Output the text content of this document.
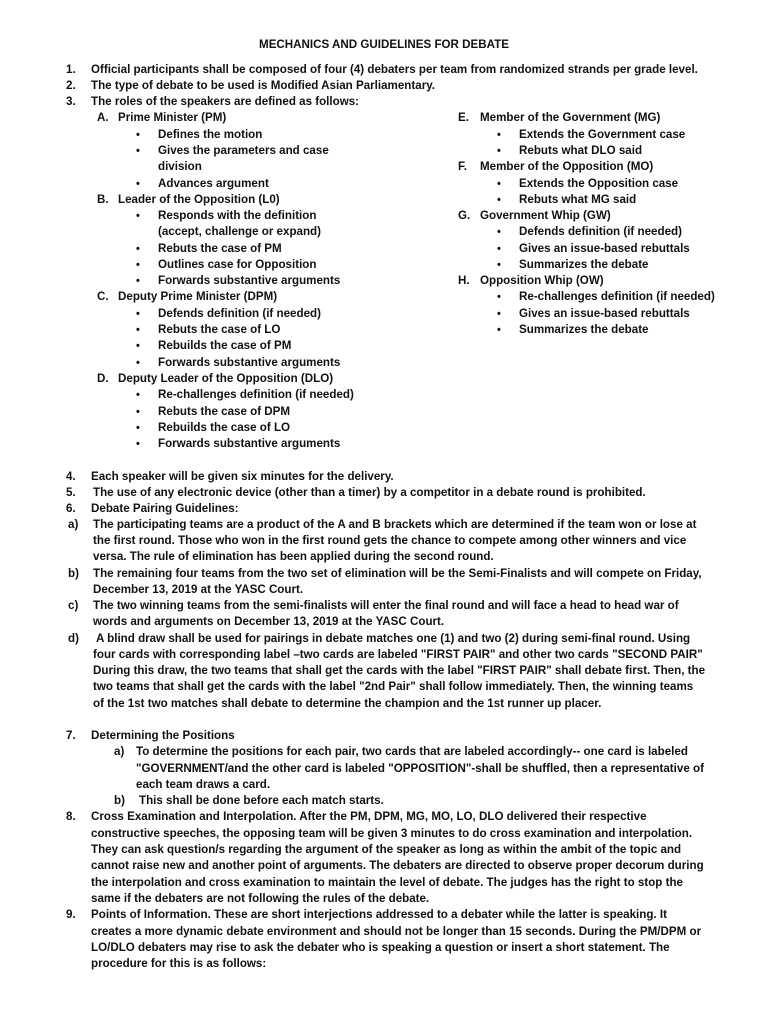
MECHANICS AND GUIDELINES FOR DEBATE
1. Official participants shall be composed of four (4) debaters per team from randomized strands per grade level.
2. The type of debate to be used is Modified Asian Parliamentary.
3. The roles of the speakers are defined as follows:
A. Prime Minister (PM)
• Defines the motion
• Gives the parameters and case
division
• Advances argument
B. Leader of the Opposition (L0)
• Responds with the definition
(accept, challenge or expand)
• Rebuts the case of PM
• Outlines case for Opposition
• Forwards substantive arguments
C. Deputy Prime Minister (DPM)
• Defends definition (if needed)
• Rebuts the case of LO
• Rebuilds the case of PM
• Forwards substantive arguments
D. Deputy Leader of the Opposition (DLO)
• Re-challenges definition (if needed)
• Rebuts the case of DPM
• Rebuilds the case of LO
• Forwards substantive arguments
E. Member of the Government (MG)
• Extends the Government case
• Rebuts what DLO said
F. Member of the Opposition (MO)
• Extends the Opposition case
• Rebuts what MG said
G. Government Whip (GW)
• Defends definition (if needed)
• Gives an issue-based rebuttals
• Summarizes the debate
H. Opposition Whip (OW)
• Re-challenges definition (if needed)
• Gives an issue-based rebuttals
• Summarizes the debate
4. Each speaker will be given six minutes for the delivery.
5. The use of any electronic device (other than a timer) by a competitor in a debate round is prohibited.
6. Debate Pairing Guidelines:
a) The participating teams are a product of the A and B brackets which are determined if the team won or lose at
the first round. Those who won in the first round gets the chance to compete among other winners and vice
versa. The rule of elimination has been applied during the second round.
b) The remaining four teams from the two set of elimination will be the Semi-Finalists and will compete on Friday,
December 13, 2019 at the YASC Court.
c) The two winning teams from the semi-finalists will enter the final round and will face a head to head war of
words and arguments on December 13, 2019 at the YASC Court.
d) A blind draw shall be used for pairings in debate matches one (1) and two (2) during semi-final round. Using
four cards with corresponding label –two cards are labeled "FIRST PAIR" and other two cards "SECOND PAIR"
During this draw, the two teams that shall get the cards with the label "FIRST PAIR" shall debate first. Then, the
two teams that shall get the cards with the label "2nd Pair" shall follow immediately. Then, the winning teams
of the 1st two matches shall debate to determine the champion and the 1st runner up placer.
7. Determining the Positions
a) To determine the positions for each pair, two cards that are labeled accordingly-- one card is labeled
"GOVERNMENT/and the other card is labeled "OPPOSITION"-shall be shuffled, then a representative of
each team draws a card.
b) This shall be done before each match starts.
8. Cross Examination and Interpolation. After the PM, DPM, MG, MO, LO, DLO delivered their respective
constructive speeches, the opposing team will be given 3 minutes to do cross examination and interpolation.
They can ask question/s regarding the argument of the speaker as long as within the ambit of the topic and
cannot raise new and another point of arguments. The debaters are directed to observe proper decorum during
the interpolation and cross examination to maintain the level of debate. The judges has the right to stop the
same if the debaters are not following the rules of the debate.
9. Points of Information. These are short interjections addressed to a debater while the latter is speaking. It
creates a more dynamic debate environment and should not be longer than 15 seconds. During the PM/DPM or
LO/DLO debaters may rise to ask the debater who is speaking a question or insert a short statement. The
procedure for this is as follows:
